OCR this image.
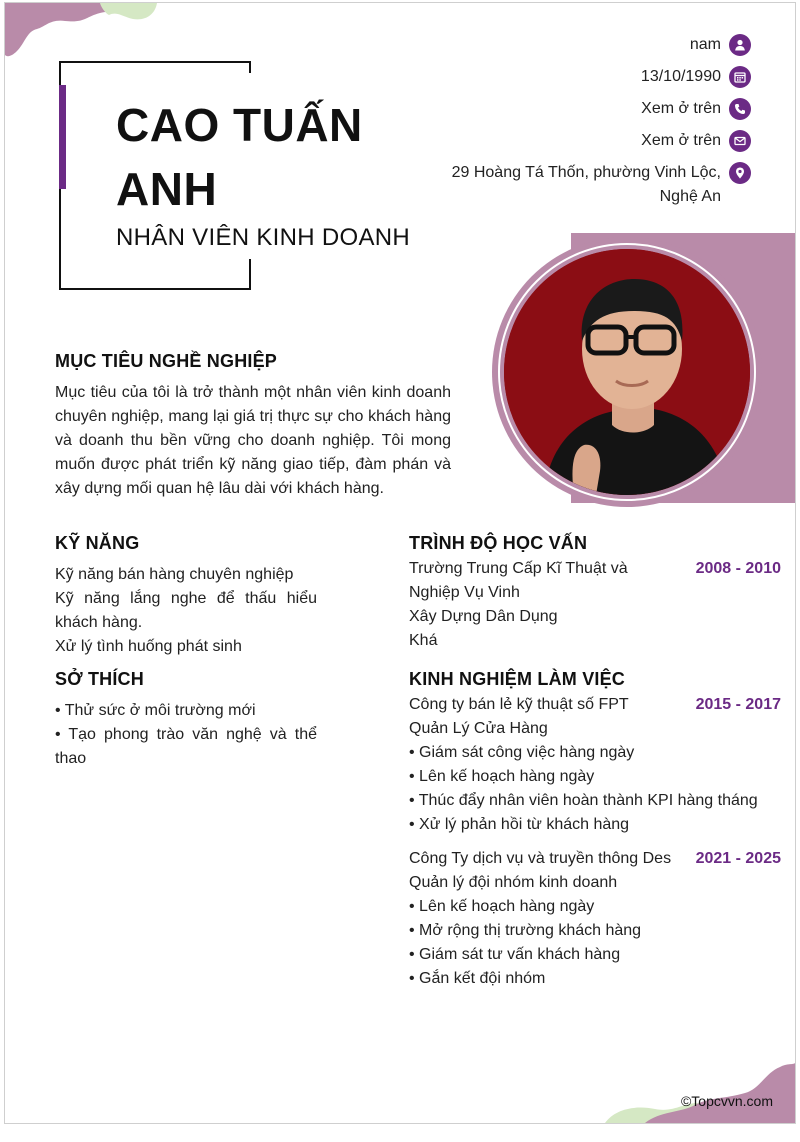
CAO TUẤN ANH
NHÂN VIÊN KINH DOANH
nam
13/10/1990
Xem ở trên
Xem ở trên
29 Hoàng Tá Thốn, phường Vinh Lộc, Nghệ An
MỤC TIÊU NGHỀ NGHIỆP
Mục tiêu của tôi là trở thành một nhân viên kinh doanh chuyên nghiệp, mang lại giá trị thực sự cho khách hàng và doanh thu bền vững cho doanh nghiệp. Tôi mong muốn được phát triển kỹ năng giao tiếp, đàm phán và xây dựng mối quan hệ lâu dài với khách hàng.
KỸ NĂNG
Kỹ năng bán hàng chuyên nghiệp
Kỹ năng lắng nghe để thấu hiểu khách hàng.
Xử lý tình huống phát sinh
SỞ THÍCH
• Thử sức ở môi trường mới
• Tạo phong trào văn nghệ và thể thao
TRÌNH ĐỘ HỌC VẤN
2008 - 2010
Trường Trung Cấp Kĩ Thuật và Nghiệp Vụ Vinh
Xây Dựng Dân Dụng
Khá
KINH NGHIỆM LÀM VIỆC
2015 - 2017
Công ty bán lẻ kỹ thuật số FPT
Quản Lý Cửa Hàng
• Giám sát công việc hàng ngày
• Lên kế hoạch hàng ngày
• Thúc đẩy nhân viên hoàn thành KPI hàng tháng
• Xử lý phản hồi từ khách hàng
2021 - 2025
Công Ty dịch vụ và truyền thông Des
Quản lý đội nhóm kinh doanh
• Lên kế hoạch hàng ngày
• Mở rộng thị trường khách hàng
• Giám sát tư vấn khách hàng
• Gắn kết đội nhóm
©Topcvvn.com
